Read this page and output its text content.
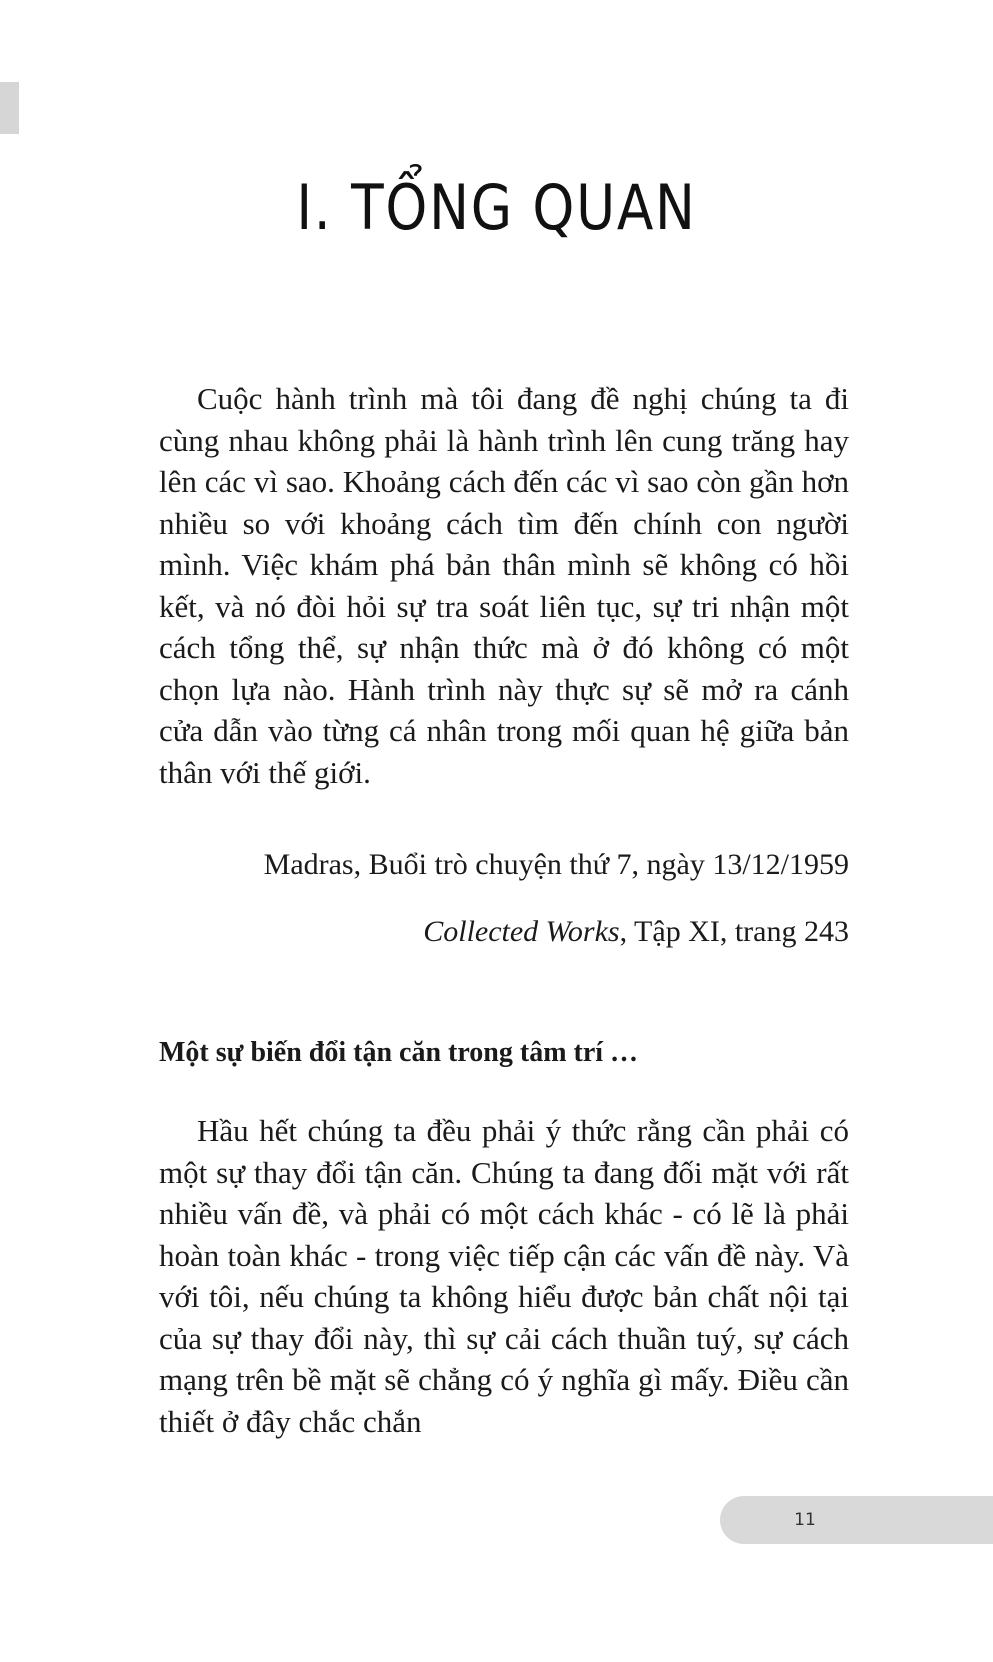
I. TỔNG QUAN

Cuộc hành trình mà tôi đang đề nghị chúng ta đi cùng nhau không phải là hành trình lên cung trăng hay lên các vì sao. Khoảng cách đến các vì sao còn gần hơn nhiều so với khoảng cách tìm đến chính con người mình. Việc khám phá bản thân mình sẽ không có hồi kết, và nó đòi hỏi sự tra soát liên tục, sự tri nhận một cách tổng thể, sự nhận thức mà ở đó không có một chọn lựa nào. Hành trình này thực sự sẽ mở ra cánh cửa dẫn vào từng cá nhân trong mối quan hệ giữa bản thân với thế giới.

Madras, Buổi trò chuyện thứ 7, ngày 13/12/1959

Collected Works, Tập XI, trang 243

Một sự biến đổi tận căn trong tâm trí …

Hầu hết chúng ta đều phải ý thức rằng cần phải có một sự thay đổi tận căn. Chúng ta đang đối mặt với rất nhiều vấn đề, và phải có một cách khác - có lẽ là phải hoàn toàn khác - trong việc tiếp cận các vấn đề này. Và với tôi, nếu chúng ta không hiểu được bản chất nội tại của sự thay đổi này, thì sự cải cách thuần tuý, sự cách mạng trên bề mặt sẽ chẳng có ý nghĩa gì mấy. Điều cần thiết ở đây chắc chắn

11
